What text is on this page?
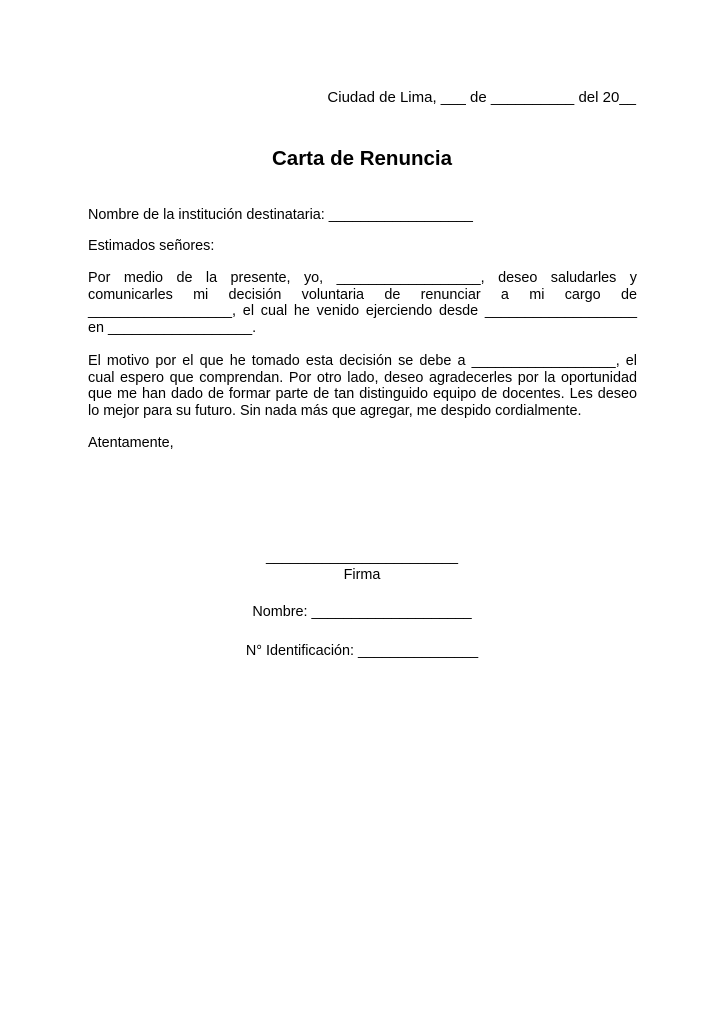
Ciudad de Lima, ___ de __________ del 20__
Carta de Renuncia
Nombre de la institución destinataria: __________________
Estimados señores:
Por medio de la presente, yo, __________________, deseo saludarles y
comunicarles mi decisión voluntaria de renunciar a mi cargo de
__________________, el cual he venido ejerciendo desde ___________________
en __________________.
El motivo por el que he tomado esta decisión se debe a __________________, el
cual espero que comprendan. Por otro lado, deseo agradecerles por la oportunidad
que me han dado de formar parte de tan distinguido equipo de docentes. Les deseo
lo mejor para su futuro. Sin nada más que agregar, me despido cordialmente.
Atentamente,
________________________
Firma
Nombre: ____________________
N° Identificación: _______________
